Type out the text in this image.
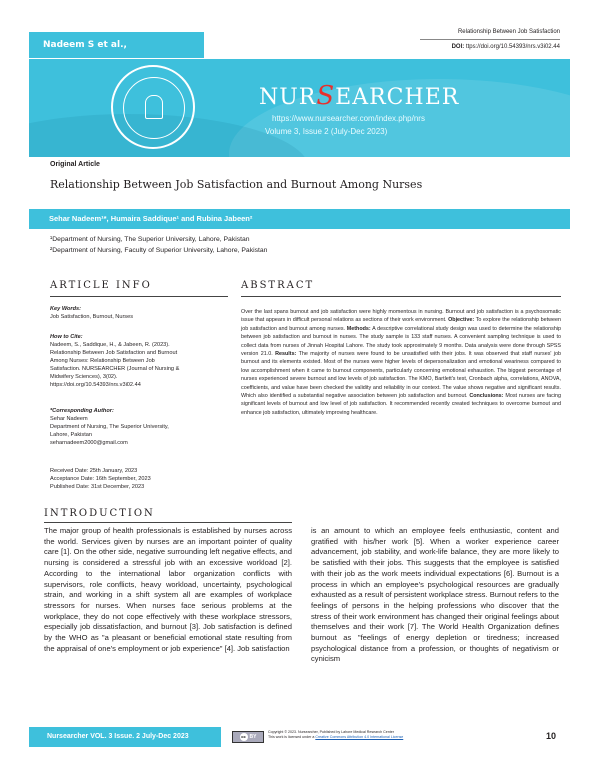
Nadeem S et al.,
Relationship Between Job Satisfaction
DOI: ttps://doi.org/10.54393/nrs.v3i02.44
NURSEARCHER
https://www.nursearcher.com/index.php/nrs
Volume 3, Issue 2 (July-Dec 2023)
Original Article
Relationship Between Job Satisfaction and Burnout Among Nurses
Sehar Nadeem¹*, Humaira Saddique¹ and Rubina Jabeen²
¹Department of Nursing, The Superior University, Lahore, Pakistan
²Department of Nursing, Faculty of Superior University, Lahore, Pakistan
ARTICLE INFO
Key Words:
Job Satisfaction, Burnout, Nurses
How to Cite:
Nadeem, S., Saddique, H., & Jabeen, R. (2023).
Relationship Between Job Satisfaction and Burnout
Among Nurses: Relationship Between Job
Satisfaction. NURSEARCHER (Journal of Nursing &
Midwifery Sciences), 3(02).
https://doi.org/10.54393/nrs.v3i02.44
*Corresponding Author:
Sehar Nadeem
Department of Nursing, The Superior University,
Lahore, Pakistan
seharnadeem2000@gmail.com
Received Date: 25th January, 2023
Acceptance Date: 16th September, 2023
Published Date: 31st December, 2023
ABSTRACT
Over the last spans burnout and job satisfaction were highly momentous in nursing. Burnout and job satisfaction is a psychosomatic issue that appears in difficult personal relations as sections of their work environment. Objective: To explore the relationship between job satisfaction and burnout among nurses. Methods: A descriptive correlational study design was used to determine the relationship between job satisfaction and burnout in nurses. The study sample is 133 staff nurses. A convenient sampling technique is used to collect data from nurses of Jinnah Hospital Lahore. The study took approximately 9 months. Data analysis were done through SPSS version 21.0. Results: The majority of nurses were found to be unsatisfied with their jobs. It was observed that staff nurses' job burnout and its elements existed. Most of the nurses were higher levels of depersonalization and emotional weariness compared to low accomplishment when it came to burnout components, particularly concerning emotional exhaustion. The biggest percentage of nurses experienced severe burnout and low levels of job satisfaction. The KMO, Bartlett's test, Cronbach alpha, correlations, ANOVA, coefficients, and value have been checked the validity and reliability in our context. The value shows negative and significant results. Which also identified a substantial negative association between job satisfaction and burnout. Conclusions: Most nurses are facing significant levels of burnout and low level of job satisfaction. It recommended recently created techniques to overcome burnout and enhance job satisfaction, ultimately improving healthcare.
INTRODUCTION
The major group of health professionals is established by nurses across the world. Services given by nurses are an important pointer of quality care [1]. On the other side, negative surrounding left negative effects, and nursing is considered a stressful job with an excessive workload [2]. According to the international labor organization conflicts with supervisors, role conflicts, heavy workload, uncertainty, psychological strain, and working in a shift system all are examples of workplace stressors for nurses. When nurses face serious problems at the workplace, they do not cope effectively with these workplace stressors, especially job dissatisfaction, and burnout [3]. Job satisfaction is defined by the WHO as "a pleasant or beneficial emotional state resulting from the appraisal of one's employment or job experience" [4]. Job satisfaction
is an amount to which an employee feels enthusiastic, content and gratified with his/her work [5]. When a worker experience career advancement, job stability, and work-life balance, they are more likely to be satisfied with their jobs. This suggests that the employee is satisfied with their job as the work meets individual expectations [6]. Burnout is a process in which an employee's psychological resources are gradually exhausted as a result of persistent workplace stress. Burnout refers to the feelings of persons in the helping professions who discover that the stress of their work environment has changed their original feelings about themselves and their work [7]. The World Health Organization defines burnout as "feelings of energy depletion or tiredness; increased psychological distance from a profession, or thoughts of negativism or cynicism
Nursearcher VOL. 3 Issue. 2 July-Dec 2023	cc BY
Copyright © 2023. Nursearcher, Published by Lahore Medical Research Center
This work is licensed under a Creative Commons Attribution 4.0 International License	10
